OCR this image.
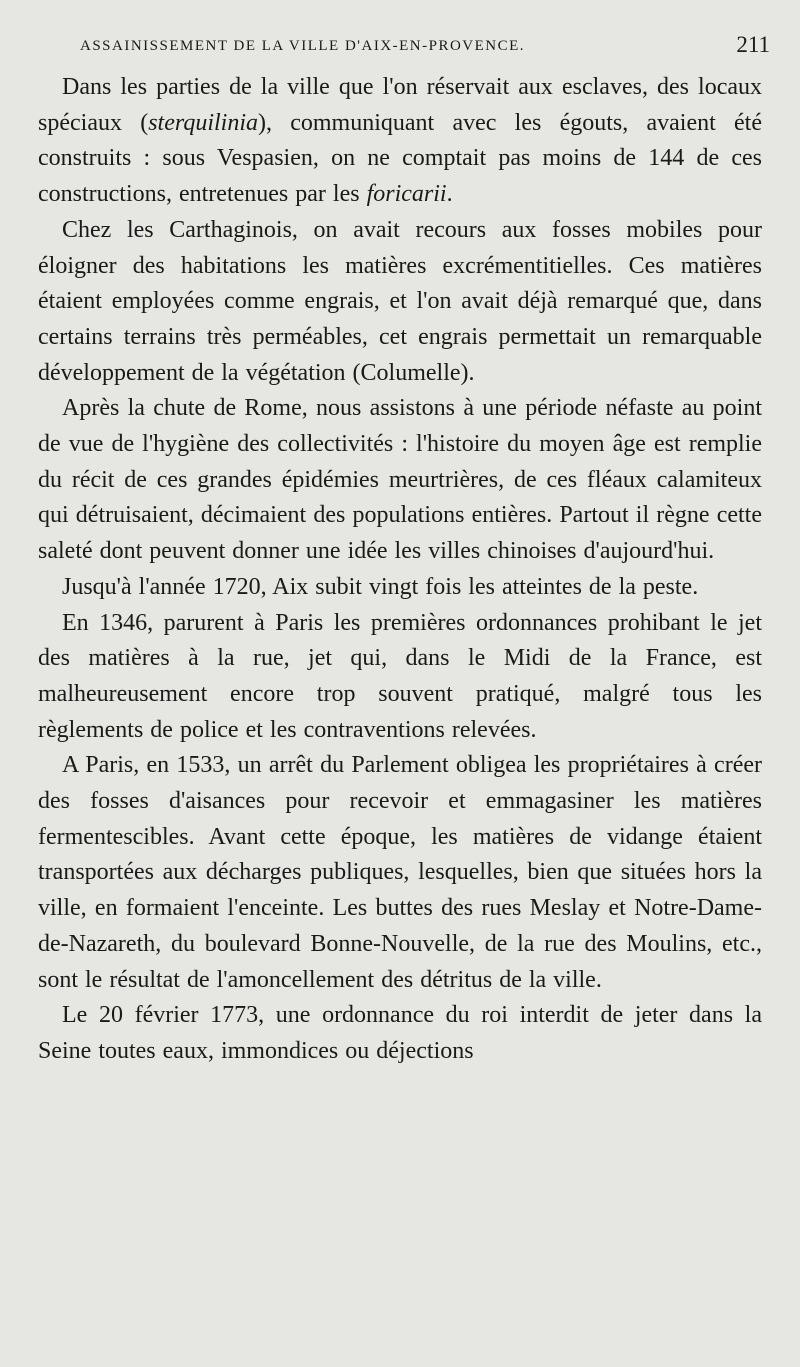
ASSAINISSEMENT DE LA VILLE D'AIX-EN-PROVENCE.	211

Dans les parties de la ville que l'on réservait aux esclaves, des locaux spéciaux (sterquilinia), communiquant avec les égouts, avaient été construits : sous Vespasien, on ne comptait pas moins de 144 de ces constructions, entretenues par les foricarii.

Chez les Carthaginois, on avait recours aux fosses mobiles pour éloigner des habitations les matières excrémentitielles. Ces matières étaient employées comme engrais, et l'on avait déjà remarqué que, dans certains terrains très perméables, cet engrais permettait un remarquable développement de la végétation (Columelle).

Après la chute de Rome, nous assistons à une période néfaste au point de vue de l'hygiène des collectivités : l'histoire du moyen âge est remplie du récit de ces grandes épidémies meurtrières, de ces fléaux calamiteux qui détruisaient, décimaient des populations entières. Partout il règne cette saleté dont peuvent donner une idée les villes chinoises d'aujourd'hui.

Jusqu'à l'année 1720, Aix subit vingt fois les atteintes de la peste.

En 1346, parurent à Paris les premières ordonnances prohibant le jet des matières à la rue, jet qui, dans le Midi de la France, est malheureusement encore trop souvent pratiqué, malgré tous les règlements de police et les contraventions relevées.

A Paris, en 1533, un arrêt du Parlement obligea les propriétaires à créer des fosses d'aisances pour recevoir et emmagasiner les matières fermentescibles. Avant cette époque, les matières de vidange étaient transportées aux décharges publiques, lesquelles, bien que situées hors la ville, en formaient l'enceinte. Les buttes des rues Meslay et Notre-Dame-de-Nazareth, du boulevard Bonne-Nouvelle, de la rue des Moulins, etc., sont le résultat de l'amoncellement des détritus de la ville.

Le 20 février 1773, une ordonnance du roi interdit de jeter dans la Seine toutes eaux, immondices ou déjections
